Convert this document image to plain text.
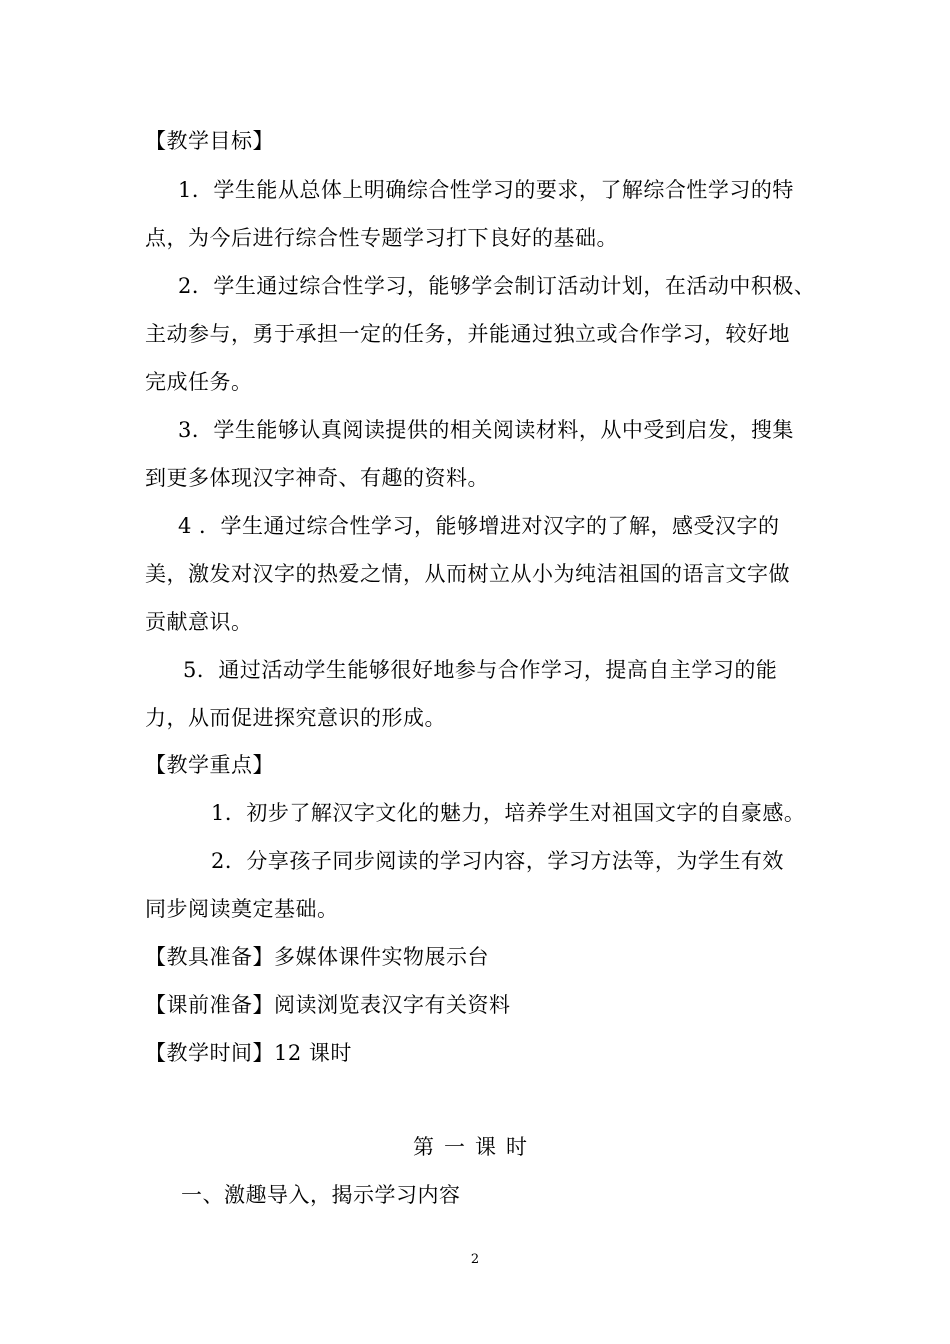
【教学目标】
1．学生能从总体上明确综合性学习的要求，了解综合性学习的特
点，为今后进行综合性专题学习打下良好的基础。
2．学生通过综合性学习，能够学会制订活动计划，在活动中积极、
主动参与，勇于承担一定的任务，并能通过独立或合作学习，较好地
完成任务。
3．学生能够认真阅读提供的相关阅读材料，从中受到启发，搜集
到更多体现汉字神奇、有趣的资料。
4 ．学生通过综合性学习，能够增进对汉字的了解，感受汉字的
美，激发对汉字的热爱之情，从而树立从小为纯洁祖国的语言文字做
贡献意识。
5．通过活动学生能够很好地参与合作学习，提高自主学习的能
力，从而促进探究意识的形成。
【教学重点】
1．初步了解汉字文化的魅力，培养学生对祖国文字的自豪感。
2．分享孩子同步阅读的学习内容，学习方法等，为学生有效
同步阅读奠定基础。
【教具准备】多媒体课件实物展示台
【课前准备】阅读浏览表汉字有关资料
【教学时间】12 课时
第一课时
一、激趣导入，揭示学习内容
2
